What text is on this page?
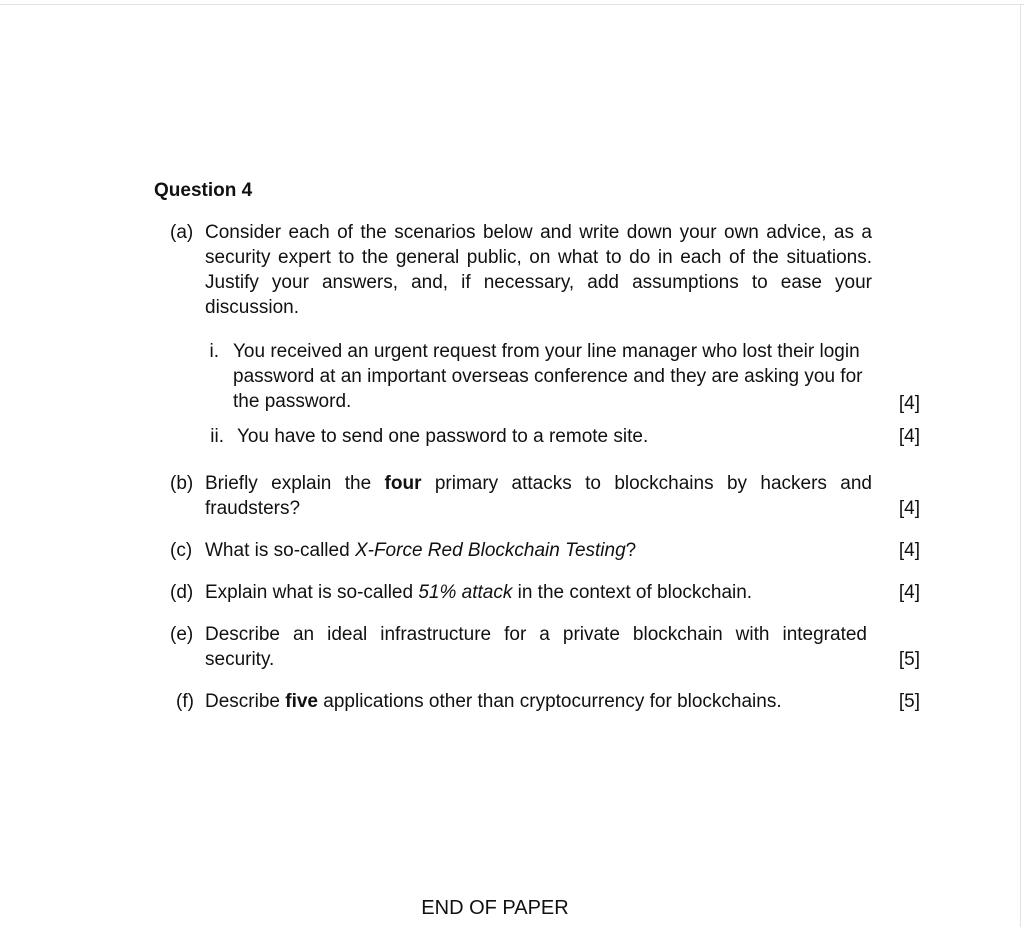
Question 4
(a) Consider each of the scenarios below and write down your own advice, as a security expert to the general public, on what to do in each of the situations. Justify your answers, and, if necessary, add assumptions to ease your discussion.
i. You received an urgent request from your line manager who lost their login password at an important overseas conference and they are asking you for the password.	[4]
ii. You have to send one password to a remote site.	[4]
(b) Briefly explain the four primary attacks to blockchains by hackers and fraudsters?	[4]
(c) What is so-called X-Force Red Blockchain Testing?	[4]
(d) Explain what is so-called 51% attack in the context of blockchain.	[4]
(e) Describe an ideal infrastructure for a private blockchain with integrated security.	[5]
(f) Describe five applications other than cryptocurrency for blockchains.	[5]
END OF PAPER
